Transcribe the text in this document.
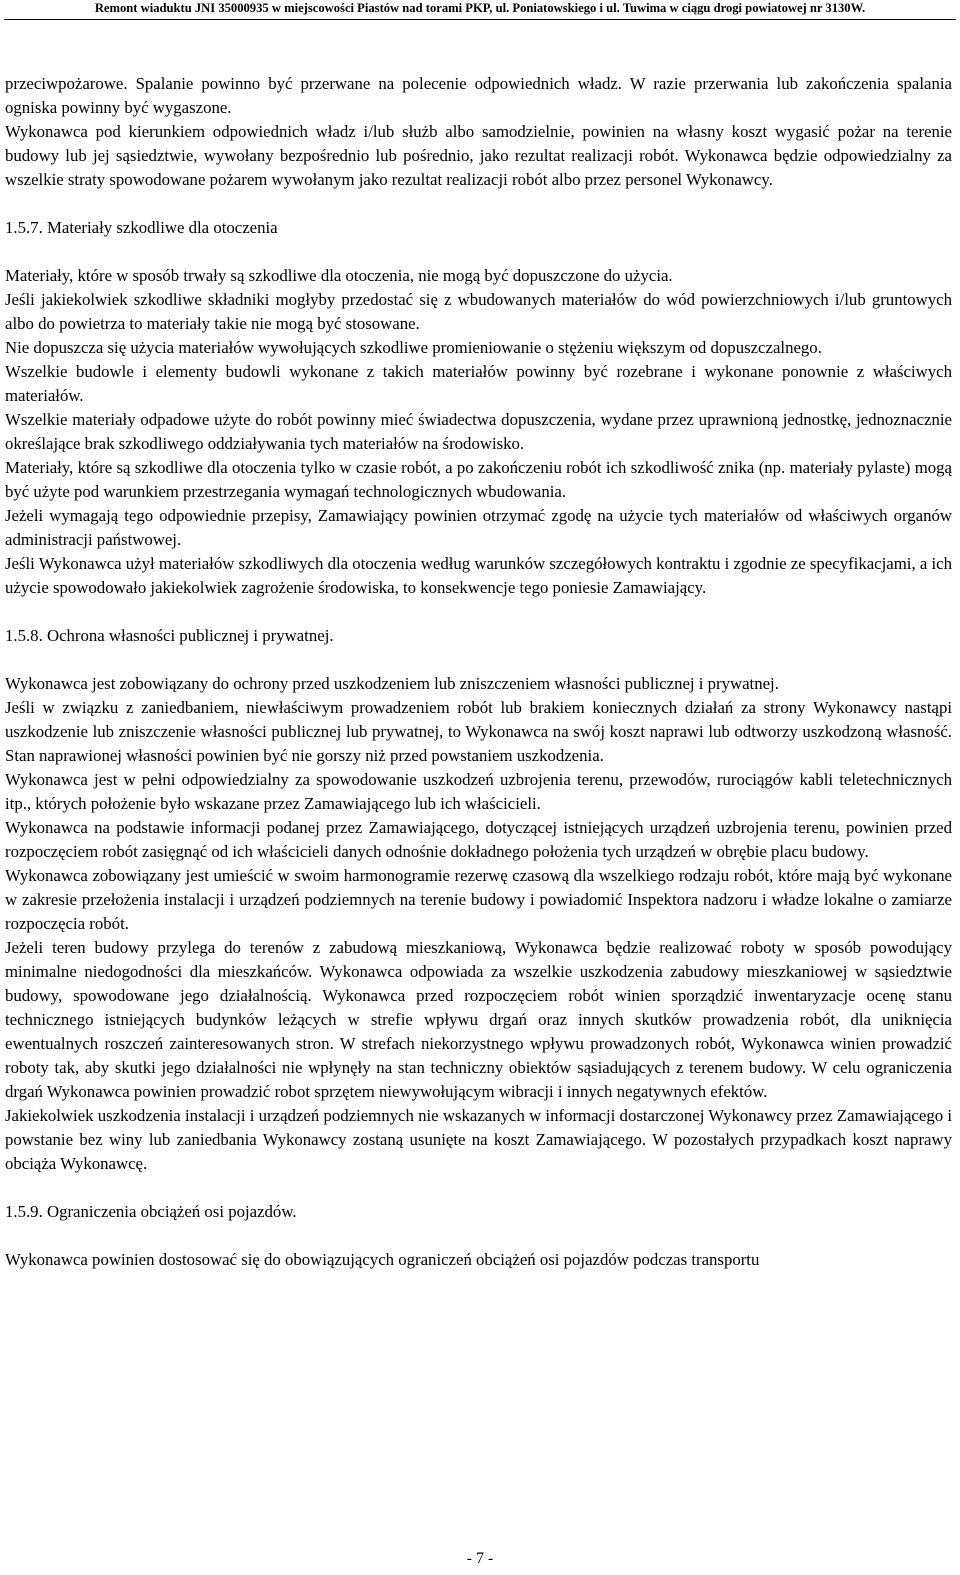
Remont wiaduktu JNI 35000935 w miejscowości Piastów nad torami PKP, ul. Poniatowskiego i ul. Tuwima w ciągu drogi powiatowej nr 3130W.

przeciwpożarowe. Spalanie powinno być przerwane na polecenie odpowiednich władz. W razie przerwania lub zakończenia spalania ogniska powinny być wygaszone.

Wykonawca pod kierunkiem odpowiednich władz i/lub służb albo samodzielnie, powinien na własny koszt wygasić pożar na terenie budowy lub jej sąsiedztwie, wywołany bezpośrednio lub pośrednio, jako rezultat realizacji robót. Wykonawca będzie odpowiedzialny za wszelkie straty spowodowane pożarem wywołanym jako rezultat realizacji robót albo przez personel Wykonawcy.

1.5.7. Materiały szkodliwe dla otoczenia

Materiały, które w sposób trwały są szkodliwe dla otoczenia, nie mogą być dopuszczone do użycia.

Jeśli jakiekolwiek szkodliwe składniki mogłyby przedostać się z wbudowanych materiałów do wód powierzchniowych i/lub gruntowych albo do powietrza to materiały takie nie mogą być stosowane.

Nie dopuszcza się użycia materiałów wywołujących szkodliwe promieniowanie o stężeniu większym od dopuszczalnego.

Wszelkie budowle i elementy budowli wykonane z takich materiałów powinny być rozebrane i wykonane ponownie z właściwych materiałów.

Wszelkie materiały odpadowe użyte do robót powinny mieć świadectwa dopuszczenia, wydane przez uprawnioną jednostkę, jednoznacznie określające brak szkodliwego oddziaływania tych materiałów na środowisko.

Materiały, które są szkodliwe dla otoczenia tylko w czasie robót, a po zakończeniu robót ich szkodliwość znika (np. materiały pylaste) mogą być użyte pod warunkiem przestrzegania wymagań technologicznych wbudowania.

Jeżeli wymagają tego odpowiednie przepisy, Zamawiający powinien otrzymać zgodę na użycie tych materiałów od właściwych organów administracji państwowej.

Jeśli Wykonawca użył materiałów szkodliwych dla otoczenia według warunków szczegółowych kontraktu i zgodnie ze specyfikacjami, a ich użycie spowodowało jakiekolwiek zagrożenie środowiska, to konsekwencje tego poniesie Zamawiający.

1.5.8. Ochrona własności publicznej i prywatnej.

Wykonawca jest zobowiązany do ochrony przed uszkodzeniem lub zniszczeniem własności publicznej i prywatnej.

Jeśli w związku z zaniedbaniem, niewłaściwym prowadzeniem robót lub brakiem koniecznych działań za strony Wykonawcy nastąpi uszkodzenie lub zniszczenie własności publicznej lub prywatnej, to Wykonawca na swój koszt naprawi lub odtworzy uszkodzoną własność. Stan naprawionej własności powinien być nie gorszy niż przed powstaniem uszkodzenia.

Wykonawca jest w pełni odpowiedzialny za spowodowanie uszkodzeń uzbrojenia terenu, przewodów, rurociągów kabli teletechnicznych itp., których położenie było wskazane przez Zamawiającego lub ich właścicieli.

Wykonawca na podstawie informacji podanej przez Zamawiającego, dotyczącej istniejących urządzeń uzbrojenia terenu, powinien przed rozpoczęciem robót zasięgnąć od ich właścicieli danych odnośnie dokładnego położenia tych urządzeń w obrębie placu budowy.

Wykonawca zobowiązany jest umieścić w swoim harmonogramie rezerwę czasową dla wszelkiego rodzaju robót, które mają być wykonane w zakresie przełożenia instalacji i urządzeń podziemnych na terenie budowy i powiadomić Inspektora nadzoru i władze lokalne o zamiarze rozpoczęcia robót.

Jeżeli teren budowy przylega do terenów z zabudową mieszkaniową, Wykonawca będzie realizować roboty w sposób powodujący minimalne niedogodności dla mieszkańców. Wykonawca odpowiada za wszelkie uszkodzenia zabudowy mieszkaniowej w sąsiedztwie budowy, spowodowane jego działalnością. Wykonawca przed rozpoczęciem robót winien sporządzić inwentaryzacje ocenę stanu technicznego istniejących budynków leżących w strefie wpływu drgań oraz innych skutków prowadzenia robót, dla uniknięcia ewentualnych roszczeń zainteresowanych stron. W strefach niekorzystnego wpływu prowadzonych robót, Wykonawca winien prowadzić roboty tak, aby skutki jego działalności nie wpłynęły na stan techniczny obiektów sąsiadujących z terenem budowy. W celu ograniczenia drgań Wykonawca powinien prowadzić robot sprzętem niewywołującym wibracji i innych negatywnych efektów.

Jakiekolwiek uszkodzenia instalacji i urządzeń podziemnych nie wskazanych w informacji dostarczonej Wykonawcy przez Zamawiającego i powstanie bez winy lub zaniedbania Wykonawcy zostaną usunięte na koszt Zamawiającego. W pozostałych przypadkach koszt naprawy obciąża Wykonawcę.

1.5.9. Ograniczenia obciążeń osi pojazdów.

Wykonawca powinien dostosować się do obowiązujących ograniczeń obciążeń osi pojazdów podczas transportu

- 7 -
